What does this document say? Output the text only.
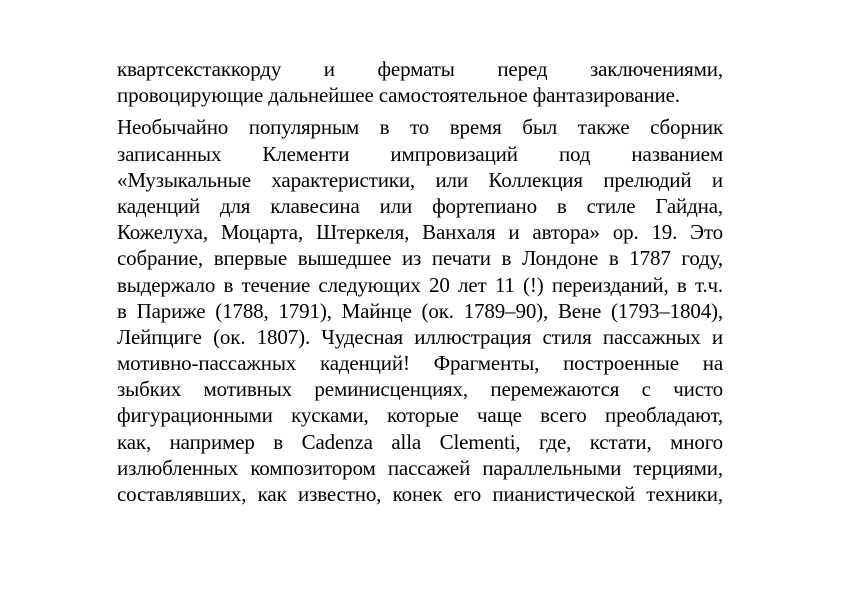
квартсекстаккорду и ферматы перед заключениями,
провоцирующие дальнейшее самостоятельное фантазирование.
Необычайно популярным в то время был также сборник
записанных Клементи импровизаций под названием
«Музыкальные характеристики, или Коллекция прелюдий и
каденций для клавесина или фортепиано в стиле Гайдна,
Кожелуха, Моцарта, Штеркеля, Ванхаля и автора» ор. 19. Это
собрание, впервые вышедшее из печати в Лондоне в 1787 году,
выдержало в течение следующих 20 лет 11 (!) переизданий, в т.ч.
в Париже (1788, 1791), Майнце (ок. 1789–90), Вене (1793–1804),
Лейпциге (ок. 1807). Чудесная иллюстрация стиля пассажных и
мотивно-пассажных каденций! Фрагменты, построенные на
зыбких мотивных реминисценциях, перемежаются с чисто
фигурационными кусками, которые чаще всего преобладают,
как, например в Cadenza alla Clementi, где, кстати, много
излюбленных композитором пассажей параллельными терциями,
составлявших, как известно, конек его пианистической техники,
